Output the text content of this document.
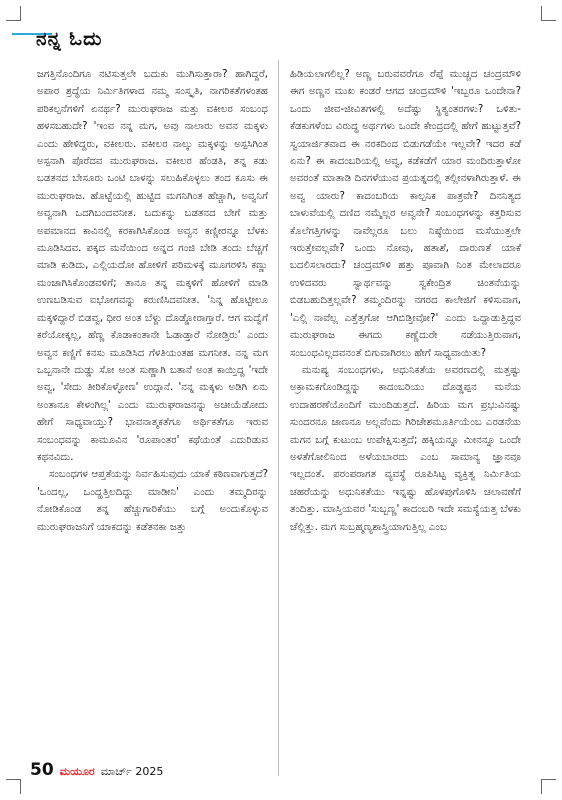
ನನ್ನ ಓದು

ಜಗತ್ತಿನೊಂದಿಗೂ ನಟಿಸುತ್ತಲೇ ಬದುಕು ಮುಗಿಸುತ್ತಾರಾ? ಹಾಗಿದ್ದರೆ, ಅಪಾರ ಶ್ರದ್ಧೆಯ ನಿರ್ಮಿತಿಗಳಾದ ನಮ್ಮ ಸಂಸ್ಕೃತಿ, ನಾಗರಿಕತೆಗಳಂತಹ ಪರಿಕಲ್ಪನೆಗಳಿಗೆ ಏನರ್ಥ? ಮುರುಘರಾಜ ಮತ್ತು ವಕೀಲರ ಸಂಬಂಧ ಹಳಸಬಹುದೇ? 'ಇಂವ ನನ್ನ ಮಗ, ಅವು ನಾಲಾರು ಅವನ ಮಕ್ಕಳು ಎಂದು ಹೇಳಿದ್ದರು, ವಕೀಲರು. ವಕೀಲರ ನಾಲ್ಕು ಮಕ್ಕಳನ್ನು ಅಸ್ಪಸಿಗಿಂತ ಅಸ್ಪನಾಗಿ ಪೊರೆದವ ಮುರುಘರಾಜ. ವಕೀಲರ ಹೆಂಡತಿ, ತನ್ನ ಕಡು ಬಡತನದ ಬೇಸೂರು ಒಂಟಿ ಬಾಳನ್ನು ಸಲುಹಿಕೊಳ್ಳಲು ತಂದ ಕೂಸು ಈ ಮುರುಘರಾಜ. ಹೊಟ್ಟೆಯಲ್ಲಿ ಹುಟ್ಟಿದ ಮಗನಿಗಿಂತ ಹೆಚ್ಚಾಗಿ, ಅವ್ವನಿಗೆ ಅವ್ವನಾಗಿ ಒದಗಿಬಂದವನೀತ. ಬದುಕನ್ನು ಬಡತನದ ಬೇಗೆ ಮತ್ತು ಅಪಮಾನದ ಕಾವಿನಲ್ಲಿ ಕರಕಾಗಿಸಿಕೊಂಡ ಅವ್ವನ ಕಣ್ಣೀರನ್ನೂ ಬೆಳಕು ಮೂಡಿಸಿದವ. ಪಕ್ಕದ ಮನೆಯಿಂದ ಅನ್ನದ ಗಂಜಿ ಬೇಡಿ ತಂದು ಬೆಚ್ಚಗೆ ಮಾಡಿ ಕುಡಿದು, ಎಲ್ಲಿಯದೋ ಹೋಳಿಗೆ ಪರಿಮಳಕ್ಕೆ ಮೂಗರಳಿಸಿ ಕಣ್ಣು ಮಂಜಾಗಿಸಿಕೊಂಡವಳಿಗೆ; ತಾನೂ ತನ್ನ ಮಕ್ಕಳಿಗೆ ಹೋಳಿಗೆ ಮಾಡಿ ಉಣಬಡಿಸುವ ಐಭೋಗವನ್ನು ಕರುಣಿಸಿದವನೀತ. 'ನಿನ್ನ ಹೊಟ್ಟೀಲೂ ಮಕ್ಕಳಿದ್ದಾರೆ ಬಿಡವ್ವ, ಧೀರ ಅಂತ ಬೆಳ್ದು ದೊಡ್ಡೋರಾಗ್ತಾರೆ. ಆಗ ಮದ್ವೆಗೆ ಕರೆಯೋಕ್ಕಲ್ಲ, ಹೆಣ್ಣ ಕೊಡಾಕಂತಾನೇ ಓಡಾಡ್ತಾರೆ ನೋಡ್ತಿರು' ಎಂದು ಅವ್ವನ ಕಣ್ಣಿಗೆ ಕನಸು ಮೂಡಿಸಿದ ಗೆಳತಿಯಂತಹ ಮಗನೀತ. ನನ್ನ ಮಗ ಒಬ್ಬನಾನೇ ದುಡ್ಡು ಸೋ ಅಂತ ಸುಣ್ಣಾಗಿ ಬತಾನೆ ಅಂತ ಕಾಯ್ತಿದ್ದ 'ಇದೇ ಅವ್ವ, 'ಸೇದು ತೀರಿಕೊಳ್ಳೋಣ' ಉದ್ಗಾನೆ. 'ನನ್ನ ಮಕ್ಕಳು ಅಡಿಗಿ ಏನು ಅಂತಾನೂ ಕೇಳಂಗಿಲ್ಲ' ಎಂದು ಮುರುಘರಾಜನನ್ನು ಅಚೀಯೆಡೋದು ಹೇಗೆ ಸಾಧ್ಯವಾಯ್ತು? ಭಾವನಾತ್ಮಕತೆಗೂ ಅರ್ಥಿಕತೆಗೂ ಇರುವ ಸಂಬಂಧವನ್ನು ಕಾಮೂವಿನ 'ರೂಪಾಂತರ' ಕಥೆಯಂತೆ ಎದುರಿಡುವ ಕಥನವಿದು.

ಸಂಬಂಧಗಳ ಆಪ್ತತೆಯನ್ನು ನಿರ್ವಹಿಸುವುದು ಯಾಕೆ ಕಠಿಣವಾಗುತ್ತದೆ? 'ಒಂದಲ್ಲ, ಒಂದ್ಹತ್ತಿಲದಿದ್ದು ಮಾಡೀನಿ' ಎಂದು ತಮ್ಮದಿರನ್ನು ನೋಡಿಕೊಂಡ ತನ್ನ ಹೆಚ್ಚುಗಾರಿಕೆಯು ಬಗ್ಗೆ ಅಂದುಕೊಳ್ಳುವ ಮುರುಘರಾಜನಿಗೆ ಯಾಕದನ್ನು ಕಡೆತನಕಾ ಜತ್ತು

ಹಿಡಿಯಲಾಗಲಿಲ್ಲ? ಅಣ್ಣ ಬರುವವರೆಗೂ ರೆಪ್ಪೆ ಮುಚ್ಚದ ಚಂದ್ರಮೌಳಿ ಈಗ ಅಣ್ಣನ ಮುಖ ಕಂಡರೆ ಆಗದ ಚಂದ್ರಮೌಳಿ 'ಇಬ್ಬರೂ ಒಂದೇನಾ? ಒಂದು ಜೀವ-ಜೀವಿತಗಳಲ್ಲಿ ಅದೆಷ್ಟು ಸ್ಥಿತ್ಯಂತರಗಳು? ಒಳಿತು-ಕೆಡಕುಗಳೆಂಬ ವಿರುದ್ಧ ಅರ್ಥಗಳು ಒಂದೇ ಕೇಂದ್ರದಲ್ಲಿ ಹೇಗೆ ಹುಟ್ಟುತ್ತವೆ? ಸ್ವಯಾರ್ಜಿತವಾದ ಈ ನರಕದಿಂದ ಬಿಡುಗಡೆಯೇ ಇಲ್ಲವೇ? ಇದರ ಕಡೆ ಏನು? ಈ ಕಾದಂಬರಿಯಲ್ಲಿ ಅವ್ವ, ಕಡೆಕಡೆಗೆ ಯಾರ ಮಂದಿರುತ್ತಾಳೋ ಅವರಂತೆ ಮಾತಾಡಿ ದಿನಗಳೆಯುವ ಪ್ರಯತ್ನದಲ್ಲಿ ತಲ್ಲೀನಳಾಗಿರುತ್ತಾಳೆ. ಈ ಅವ್ವ ಯಾರು? ಕಾದಂಬರಿಯ ಕಾಲ್ಪನಿಕ ಪಾತ್ರವೇ? ದಿನನಿತ್ಯದ ಬಾಳುವೆಯಲ್ಲಿ ದಣಿದ ನಮ್ಮೆಲ್ಲರ ಅವ್ವನೇ? ಸಂಬಂಧಗಳನ್ನು ಕತ್ತರಿಸುವ ಕೊಲೆಗತ್ತಿಗಳನ್ನು ನಾವೆಲ್ಲರೂ ಬಲು ನಿಷ್ಠೆಯಿಂದ ಮಸೆಯುತ್ತಲೇ ಇರುತ್ತೇವಲ್ಲವೇ? ಒಂದು ನೋವು, ಹತಾಶೆ, ದಾರುಣತೆ ಯಾಕೆ ಬದಲಿಸಲಾರದು? ಚಂದ್ರಮೌಳಿ ಹತ್ತು ಪೂವಾಗಿ ನಿಂತ ಮೇಲಾದರೂ ಉಳಿದವರು ಸ್ವಾರ್ಥವನ್ನು ಸ್ವಕೇಂದ್ರಿತ ಚಿಂತನೆಯನ್ನು ಬಿಡಬಹುದಿತ್ತಲ್ಲವೇ? ತಮ್ಮಂದಿರನ್ನು ನಗರದ ಕಾಲೇಜಿಗೆ ಕಳಿಸುವಾಗ, 'ಎಲ್ಲಿ ನಾವೆಲ್ಲ ಎತ್ತೆತ್ತಗೋ ಆಗಿಬಿಡ್ತೀವೋ?' ಎಂದು ಒದ್ದಾಡುತ್ತಿದ್ದವ ಮುರುಘರಾಜ ಈಗದು ಕಣ್ಣೆದುರೇ ನಡೆಯುತ್ತಿರುವಾಗ, ಸಂಬಂಧವಿಲ್ಲದವನಂತೆ ಬಿಗುವಾಗಿರಲು ಹೇಗೆ ಸಾಧ್ಯವಾಯಿತು?

ಮನುಷ್ಯ ಸಂಬಂಧಗಳು, ಅಧುನಿಕತೆಯ ಅವರಣದಲ್ಲಿ ಮತ್ತಷ್ಟು ಅಕ್ರಾಮಕಗೊಂಡಿದ್ದನ್ನು ಕಾದಂಬರಿಯು ದೊಡ್ಡಪ್ಪನ ಮನೆಯ ಉದಾಹರಣೆಯೊಂದಿಗೆ ಮುಂದಿಡುತ್ತದೆ. ಹಿರಿಯ ಮಗ ಪ್ರಭುವಿನಷ್ಟು ಸುಂದರನೂ ಜಾಣನೂ ಅಲ್ಲವೆಂದು ಗಿರಿಜೇಶಮೂರ್ತಿಯೆಂಬ ಎರಡನೆಯ ಮಗನ ಬಗ್ಗೆ ಕುಟುಂಬ ಉಪೇಕ್ಷಿಸುತ್ತದೆ; ಹಕ್ಕಿಯನ್ನೂ ಮೀನನ್ನೂ ಒಂದೇ ಅಳತೆಗೋಲಿನಿಂದ ಅಳೆಯಬಾರದು ಎಂಬ ಸಾಮಾನ್ಯ ಜ್ಞಾನವೂ ಇಲ್ಲದಂತೆ. ಪರಂಪರಾಗತ ವ್ಯವಸ್ಥೆ ರೂಪಿಸಿಟ್ಟ ವ್ಯಕ್ತಿತ್ವ ನಿರ್ಮಿತಿಯ ಚಹರೆಯನ್ನು ಅಧುನಿಕತೆಯು ಇನ್ನಷ್ಟು ಹೊಳಪುಗೊಳಿಸಿ ಚಲಾವಣೆಗೆ ತಂದಿತ್ತು. ಮಾಸ್ತಿಯವರ 'ಸುಬ್ಬಣ್ಣ' ಕಾದಂಬರಿ ಇದೇ ಸಮಸ್ಯೆಯತ್ತ ಬೆಳಕು ಚೆಲ್ಲಿತ್ತು. ಮಗ ಸುಬ್ರಹ್ಮಣ್ಯಶಾಸ್ತ್ರಿಯಾಗುತ್ತಿಲ್ಲ ಎಂಬ

50 ಮಯೂರ ಮಾರ್ಚ್ 2025
